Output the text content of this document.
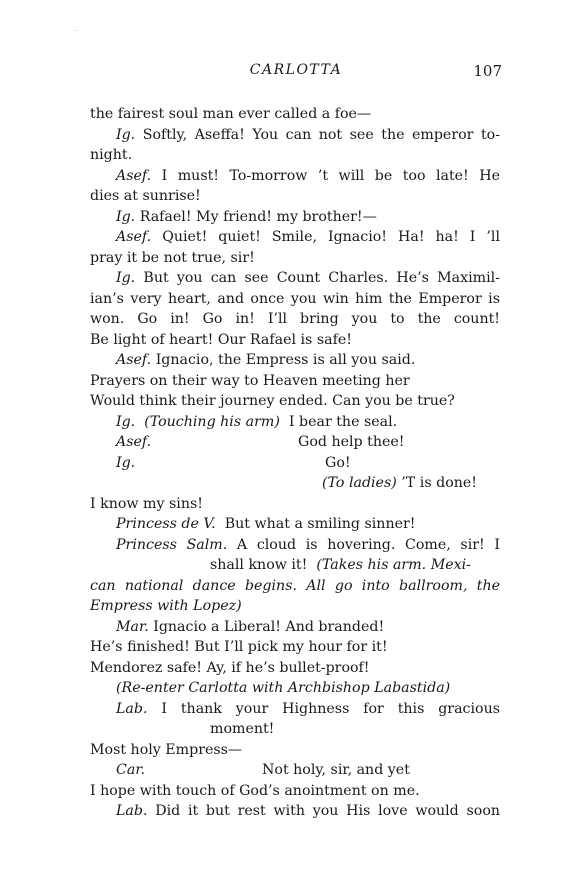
CARLOTTA	107
the fairest soul man ever called a foe—
Ig. Softly, Aseffa! You can not see the emperor to-
night.
Asef. I must! To-morrow ’t will be too late! He
dies at sunrise!
Ig. Rafael! My friend! my brother!—
Asef. Quiet! quiet! Smile, Ignacio! Ha! ha! I ’ll
pray it be not true, sir!
Ig. But you can see Count Charles. He’s Maximil-
ian’s very heart, and once you win him the Emperor is
won. Go in! Go in! I’ll bring you to the count!
Be light of heart! Our Rafael is safe!
Asef. Ignacio, the Empress is all you said.
Prayers on their way to Heaven meeting her
Would think their journey ended. Can you be true?
Ig. (Touching his arm) I bear the seal.
Asef.	God help thee!
Ig.	Go!
(To ladies) ’T is done!
I know my sins!
Princess de V. But what a smiling sinner!
Princess Salm. A cloud is hovering. Come, sir! I
shall know it! (Takes his arm. Mexi-
can national dance begins. All go into ballroom, the
Empress with Lopez)
Mar. Ignacio a Liberal! And branded!
He’s finished! But I’ll pick my hour for it!
Mendorez safe! Ay, if he’s bullet-proof!
(Re-enter Carlotta with Archbishop Labastida)
Lab. I thank your Highness for this gracious
moment!
Most holy Empress—
Car.	Not holy, sir, and yet
I hope with touch of God’s anointment on me.
Lab. Did it but rest with you His love would soon
